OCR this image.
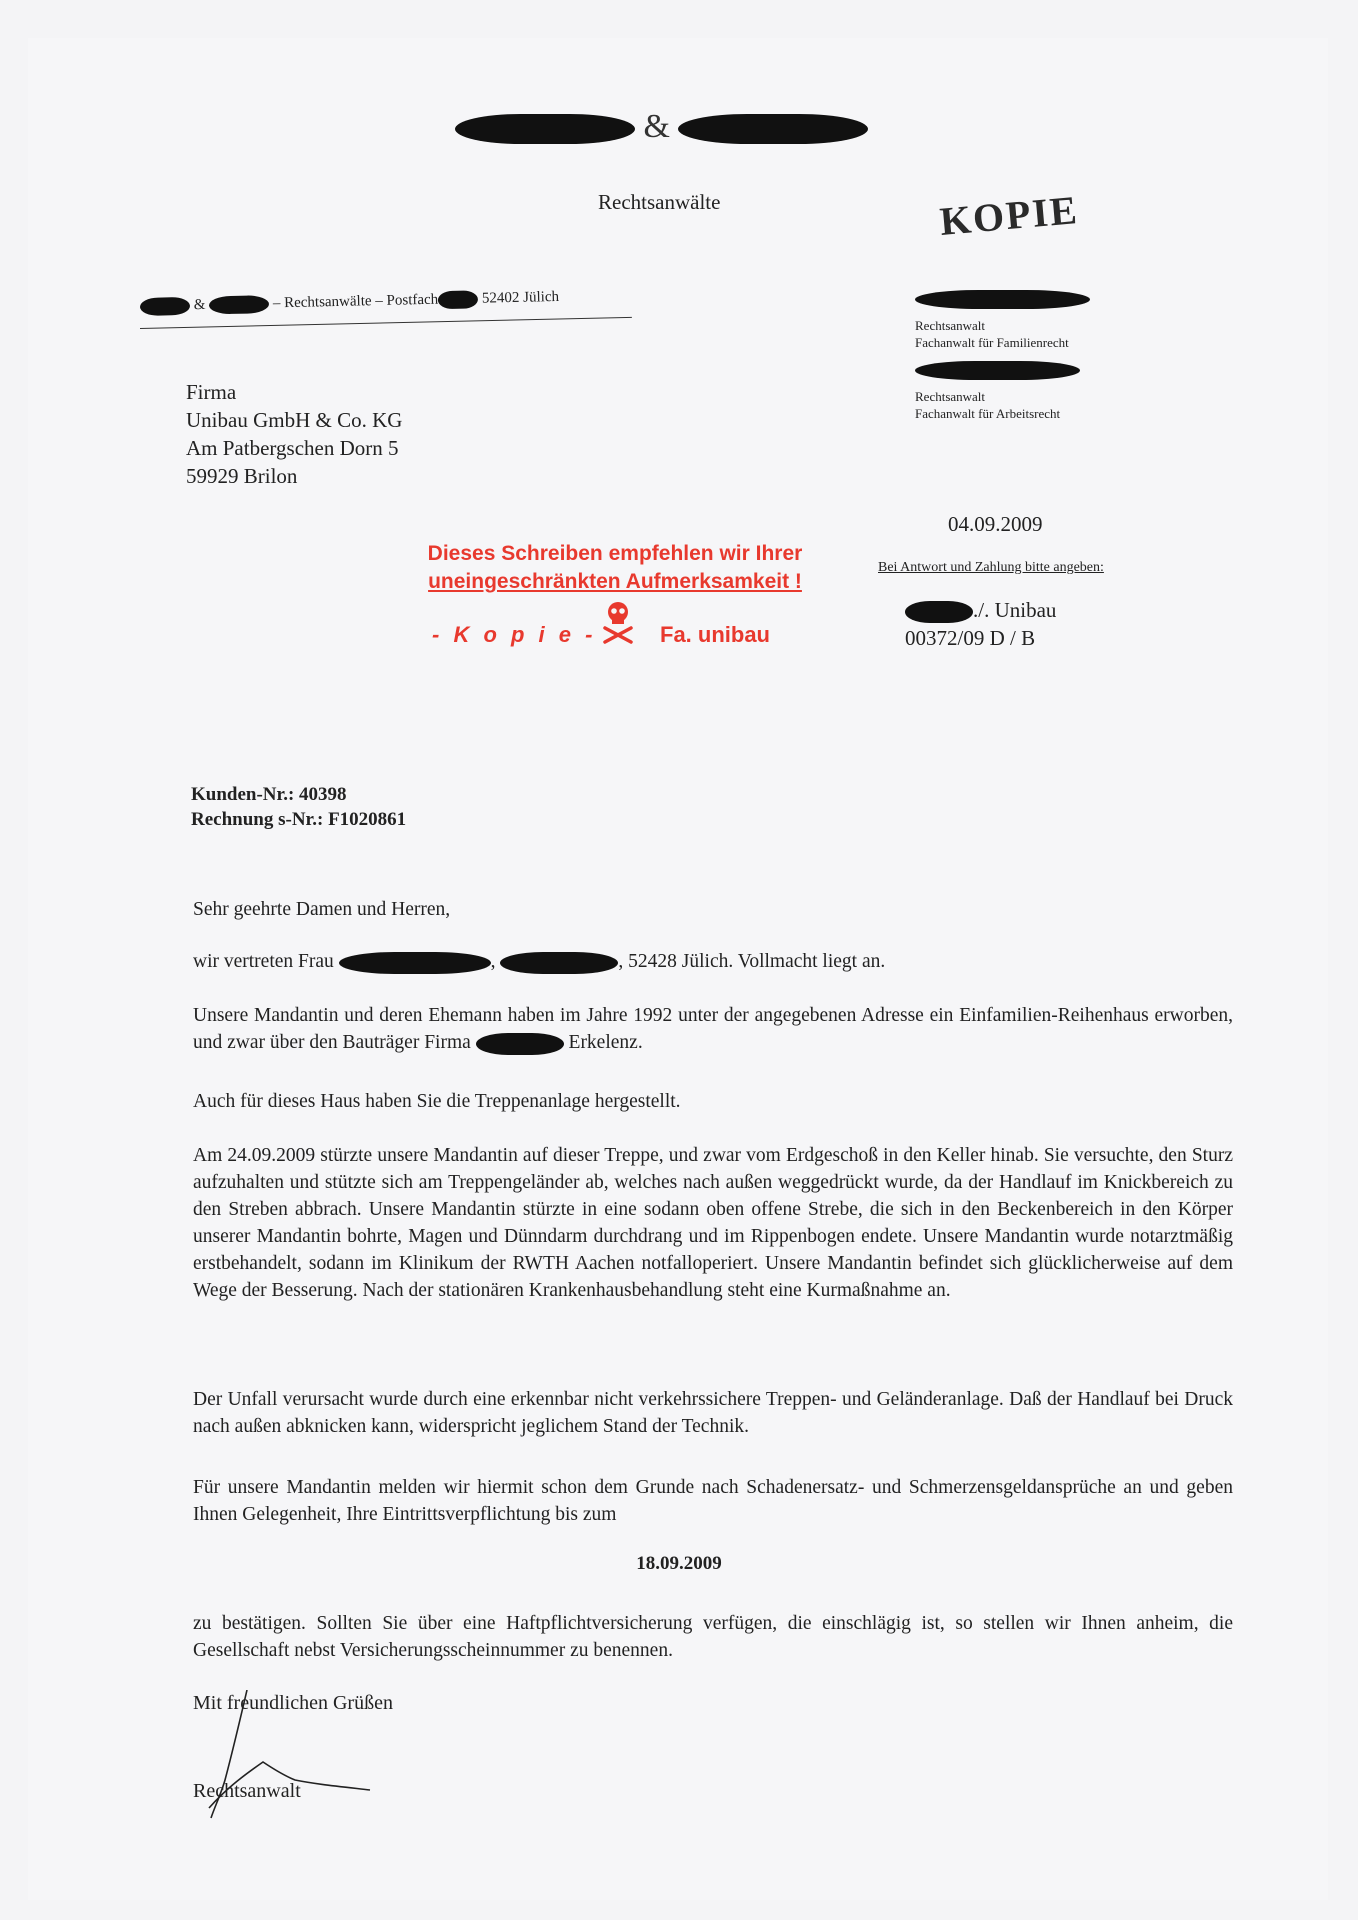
&
Rechtsanwälte	KOPIE
&	– Rechtsanwälte – Postfach	52402 Jülich

Rechtsanwalt
Fachanwalt für Familienrecht

Rechtsanwalt
Fachanwalt für Arbeitsrecht
Firma
Unibau GmbH & Co. KG
Am Patbergschen Dorn 5
59929 Brilon
04.09.2009
Bei Antwort und Zahlung bitte angeben:
./. Unibau
00372/09 D / B
Dieses Schreiben empfehlen wir Ihrer
uneingeschränkten Aufmerksamkeit !
- K o p i e -	Fa. unibau
Kunden-Nr.: 40398
Rechnung s-Nr.: F1020861
Sehr geehrte Damen und Herren,
wir vertreten Frau	,	, 52428 Jülich. Vollmacht liegt an.
Unsere Mandantin und deren Ehemann haben im Jahre 1992 unter der angegebenen Adresse ein Einfamilien-Reihenhaus erworben, und zwar über den Bauträger Firma	Erkelenz.
Auch für dieses Haus haben Sie die Treppenanlage hergestellt.
Am 24.09.2009 stürzte unsere Mandantin auf dieser Treppe, und zwar vom Erdgeschoß in den Keller hinab. Sie versuchte, den Sturz aufzuhalten und stützte sich am Treppengeländer ab, welches nach außen weggedrückt wurde, da der Handlauf im Knickbereich zu den Streben abbrach. Unsere Mandantin stürzte in eine sodann oben offene Strebe, die sich in den Beckenbereich in den Körper unserer Mandantin bohrte, Magen und Dünndarm durchdrang und im Rippenbogen endete. Unsere Mandantin wurde notarztmäßig erstbehandelt, sodann im Klinikum der RWTH Aachen notfalloperiert. Unsere Mandantin befindet sich glücklicherweise auf dem Wege der Besserung. Nach der stationären Krankenhausbehandlung steht eine Kurmaßnahme an.
Der Unfall verursacht wurde durch eine erkennbar nicht verkehrssichere Treppen- und Geländeranlage. Daß der Handlauf bei Druck nach außen abknicken kann, widerspricht jeglichem Stand der Technik.
Für unsere Mandantin melden wir hiermit schon dem Grunde nach Schadenersatz- und Schmerzensgeldansprüche an und geben Ihnen Gelegenheit, Ihre Eintrittsverpflichtung bis zum
18.09.2009
zu bestätigen. Sollten Sie über eine Haftpflichtversicherung verfügen, die einschlägig ist, so stellen wir Ihnen anheim, die Gesellschaft nebst Versicherungsscheinnummer zu benennen.
Mit freundlichen Grüßen
Rechtsanwalt
